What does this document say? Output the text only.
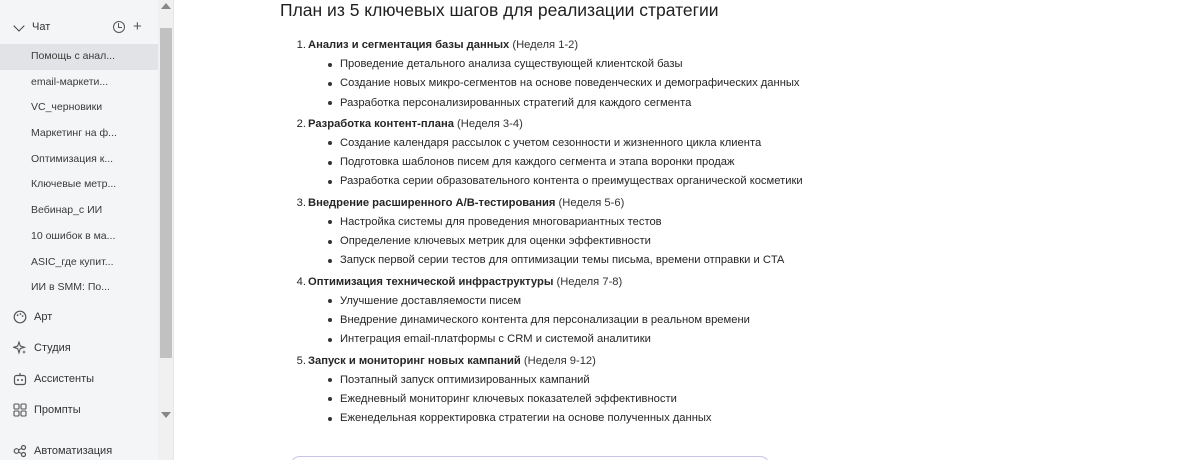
Чат	+
Помощь с анал...
email-маркети...
VC_черновики
Маркетинг на ф...
Оптимизация к...
Ключевые метр...
Вебинар_с ИИ
10 ошибок в ма...
ASIC_где купит...
ИИ в SMM: По...
Арт
Студия
Ассистенты
Промпты
Автоматизация
План из 5 ключевых шагов для реализации стратегии
1. Анализ и сегментация базы данных (Неделя 1-2)
Проведение детального анализа существующей клиентской базы
Создание новых микро-сегментов на основе поведенческих и демографических данных
Разработка персонализированных стратегий для каждого сегмента
2. Разработка контент-плана (Неделя 3-4)
Создание календаря рассылок с учетом сезонности и жизненного цикла клиента
Подготовка шаблонов писем для каждого сегмента и этапа воронки продаж
Разработка серии образовательного контента о преимуществах органической косметики
3. Внедрение расширенного A/B-тестирования (Неделя 5-6)
Настройка системы для проведения многовариантных тестов
Определение ключевых метрик для оценки эффективности
Запуск первой серии тестов для оптимизации темы письма, времени отправки и CTA
4. Оптимизация технической инфраструктуры (Неделя 7-8)
Улучшение доставляемости писем
Внедрение динамического контента для персонализации в реальном времени
Интеграция email-платформы с CRM и системой аналитики
5. Запуск и мониторинг новых кампаний (Неделя 9-12)
Поэтапный запуск оптимизированных кампаний
Ежедневный мониторинг ключевых показателей эффективности
Еженедельная корректировка стратегии на основе полученных данных
